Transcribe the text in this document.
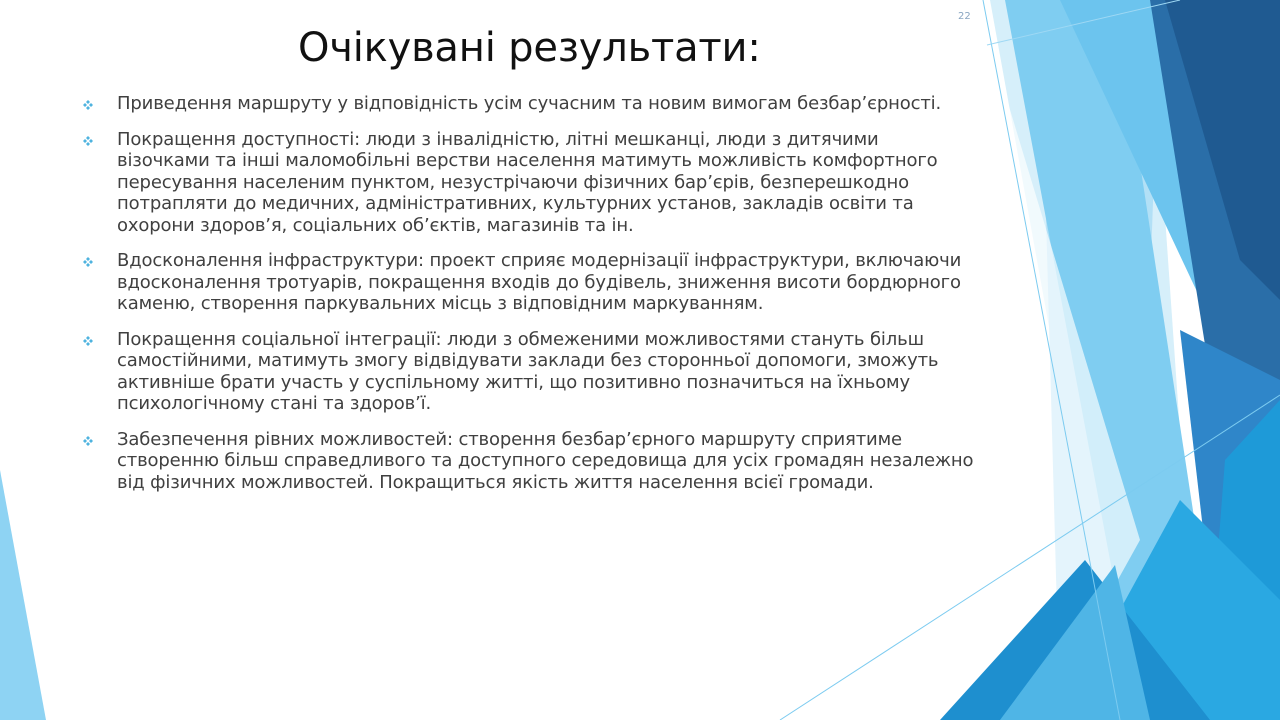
22
Очікувані результати:
Приведення маршруту у відповідність усім сучасним та новим вимогам безбар’єрності.
Покращення доступності: люди з інвалідністю, літні мешканці, люди з дитячими візочками та інші маломобільні верстви населення матимуть можливість комфортного пересування населеним пунктом, незустрічаючи фізичних бар’єрів, безперешкодно потрапляти до медичних, адміністративних, культурних установ, закладів освіти та охорони здоров’я, соціальних об’єктів, магазинів та ін.
Вдосконалення інфраструктури: проект сприяє модернізації інфраструктури, включаючи вдосконалення тротуарів, покращення входів до будівель, зниження висоти бордюрного каменю, створення паркувальних місць з відповідним маркуванням.
Покращення соціальної інтеграції: люди з обмеженими можливостями стануть більш самостійними, матимуть змогу відвідувати заклади без сторонньої допомоги, зможуть активніше брати участь у суспільному житті, що позитивно позначиться на їхньому психологічному стані та здоров’ї.
Забезпечення рівних можливостей: створення безбар’єрного маршруту сприятиме створенню більш справедливого та доступного середовища для усіх громадян незалежно від фізичних можливостей. Покращиться якість життя населення всієї громади.
